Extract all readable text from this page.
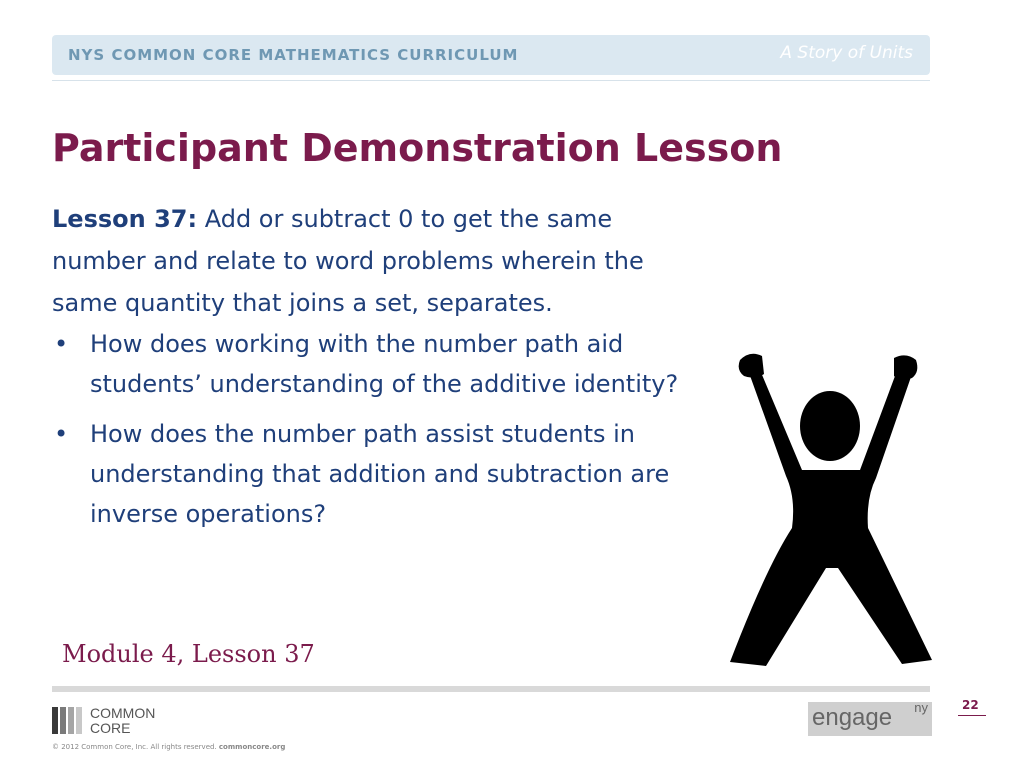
NYS COMMON CORE MATHEMATICS CURRICULUM	A Story of Units
Participant Demonstration Lesson

Lesson 37: Add or subtract 0 to get the same number and relate to word problems wherein the same quantity that joins a set, separates.

• How does working with the number path aid students’ understanding of the additive identity?
• How does the number path assist students in understanding that addition and subtraction are inverse operations?
Module 4, Lesson 37
22
COMMON
CORE
© 2012 Common Core, Inc. All rights reserved. commoncore.org
engage ny
